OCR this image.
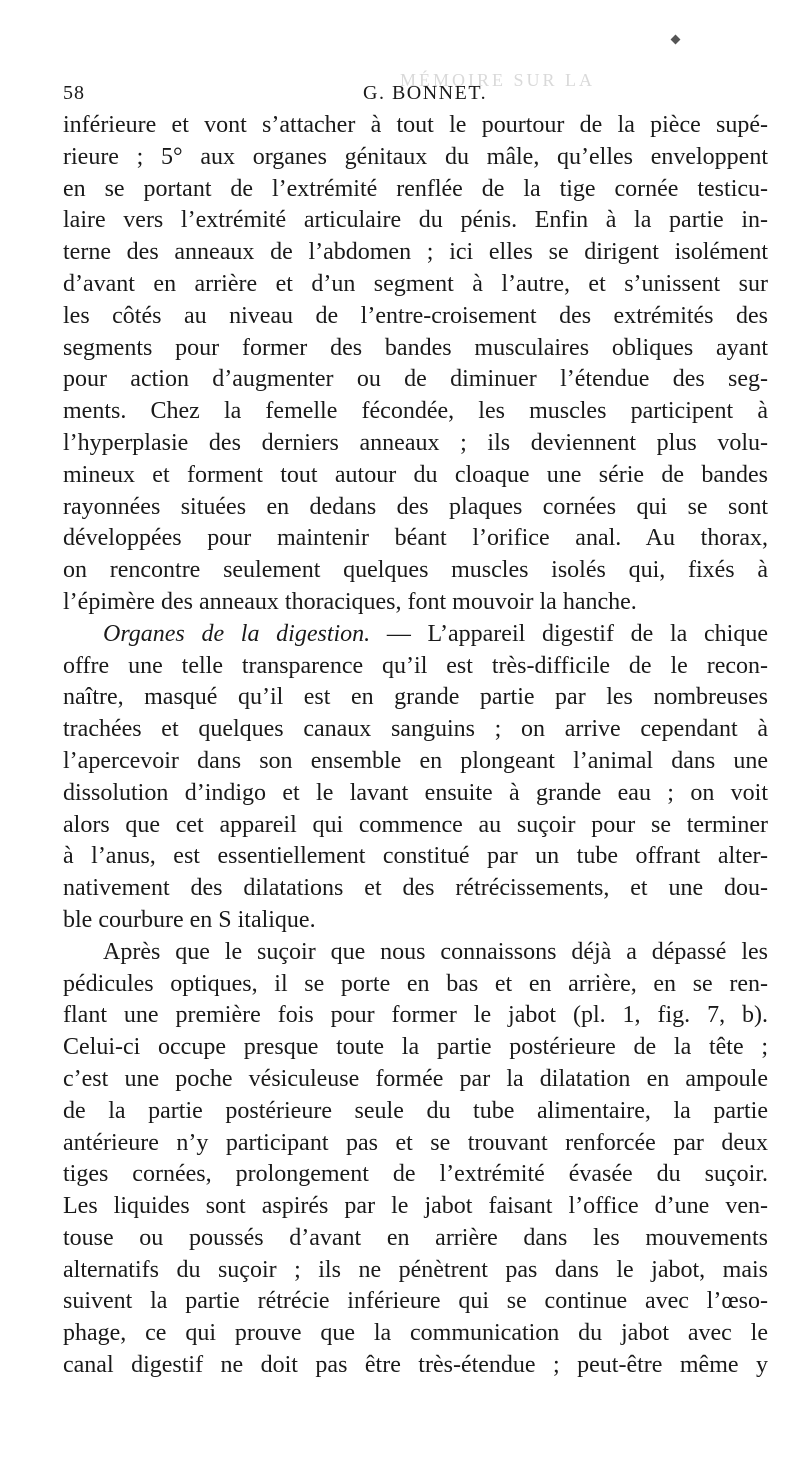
58	G. BONNET.
inférieure et vont s’attacher à tout le pourtour de la pièce supé-
rieure ; 5° aux organes génitaux du mâle, qu’elles enveloppent
en se portant de l’extrémité renflée de la tige cornée testicu-
laire vers l’extrémité articulaire du pénis. Enfin à la partie in-
terne des anneaux de l’abdomen ; ici elles se dirigent isolément
d’avant en arrière et d’un segment à l’autre, et s’unissent sur
les côtés au niveau de l’entre-croisement des extrémités des
segments pour former des bandes musculaires obliques ayant
pour action d’augmenter ou de diminuer l’étendue des seg-
ments. Chez la femelle fécondée, les muscles participent à
l’hyperplasie des derniers anneaux ; ils deviennent plus volu-
mineux et forment tout autour du cloaque une série de bandes
rayonnées situées en dedans des plaques cornées qui se sont
développées pour maintenir béant l’orifice anal. Au thorax,
on rencontre seulement quelques muscles isolés qui, fixés à
l’épimère des anneaux thoraciques, font mouvoir la hanche.
Organes de la digestion. — L’appareil digestif de la chique
offre une telle transparence qu’il est très-difficile de le recon-
naître, masqué qu’il est en grande partie par les nombreuses
trachées et quelques canaux sanguins ; on arrive cependant à
l’apercevoir dans son ensemble en plongeant l’animal dans une
dissolution d’indigo et le lavant ensuite à grande eau ; on voit
alors que cet appareil qui commence au suçoir pour se terminer
à l’anus, est essentiellement constitué par un tube offrant alter-
nativement des dilatations et des rétrécissements, et une dou-
ble courbure en S italique.
Après que le suçoir que nous connaissons déjà a dépassé les
pédicules optiques, il se porte en bas et en arrière, en se ren-
flant une première fois pour former le jabot (pl. 1, fig. 7, b).
Celui-ci occupe presque toute la partie postérieure de la tête ;
c’est une poche vésiculeuse formée par la dilatation en ampoule
de la partie postérieure seule du tube alimentaire, la partie
antérieure n’y participant pas et se trouvant renforcée par deux
tiges cornées, prolongement de l’extrémité évasée du suçoir.
Les liquides sont aspirés par le jabot faisant l’office d’une ven-
touse ou poussés d’avant en arrière dans les mouvements
alternatifs du suçoir ; ils ne pénètrent pas dans le jabot, mais
suivent la partie rétrécie inférieure qui se continue avec l’œso-
phage, ce qui prouve que la communication du jabot avec le
canal digestif ne doit pas être très-étendue ; peut-être même y
MÉMOIRE SUR LA
